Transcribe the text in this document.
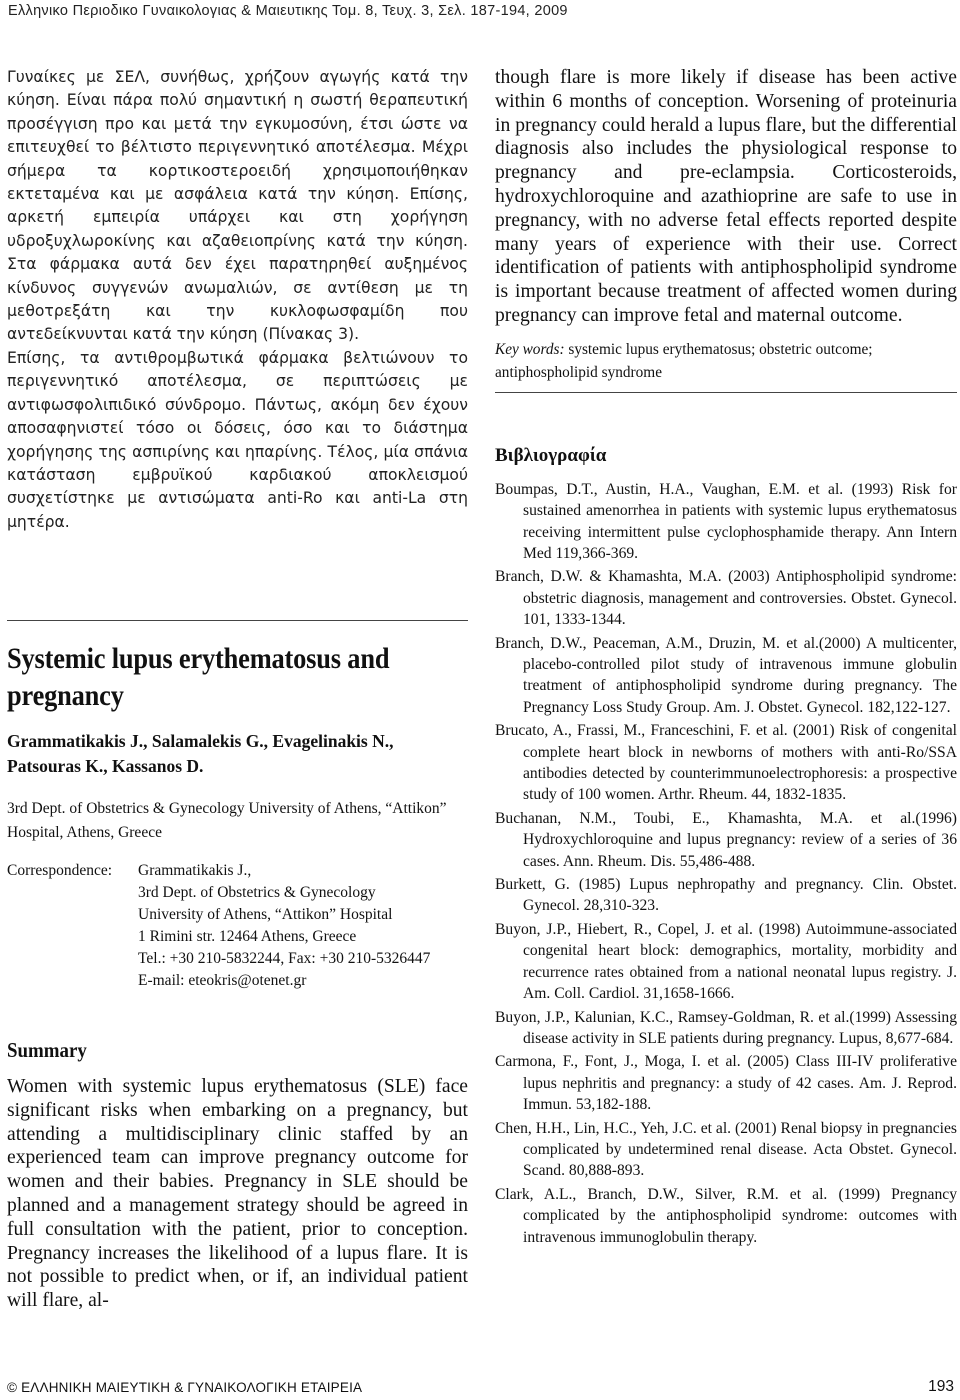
Ελληνικο Περιοδικο Γυναικολογιας & Μαιευτικης Τομ. 8, Τευχ. 3, Σελ. 187-194, 2009

Γυναίκες με ΣΕΛ, συνήθως, χρήζουν αγωγής κατά την κύηση. Είναι πάρα πολύ σημαντική η σωστή θεραπευτική προσέγγιση προ και μετά την εγκυμοσύνη, έτσι ώστε να επιτευχθεί το βέλτιστο περιγεννητικό αποτέλεσμα. Μέχρι σήμερα τα κορτικοστεροειδή χρησιμοποιήθηκαν εκτεταμένα και με ασφάλεια κατά την κύηση. Επίσης, αρκετή εμπειρία υπάρχει και στη χορήγηση υδροξυχλωροκίνης και αζαθειοπρίνης κατά την κύηση. Στα φάρμακα αυτά δεν έχει παρατηρηθεί αυξημένος κίνδυνος συγγενών ανωμαλιών, σε αντίθεση με τη μεθοτρεξάτη και την κυκλοφωσφαμίδη που αντεδείκνυνται κατά την κύηση (Πίνακας 3).

Επίσης, τα αντιθρομβωτικά φάρμακα βελτιώνουν το περιγεννητικό αποτέλεσμα, σε περιπτώσεις με αντιφωσφολιπιδικό σύνδρομο. Πάντως, ακόμη δεν έχουν αποσαφηνιστεί τόσο οι δόσεις, όσο και το διάστημα χορήγησης της ασπιρίνης και ηπαρίνης. Τέλος, μία σπάνια κατάσταση εμβρυϊκού καρδιακού αποκλεισμού συσχετίστηκε με αντισώματα anti-Ro και anti-La στη μητέρα.

Systemic lupus erythematosus and pregnancy
Grammatikakis J., Salamalekis G., Evagelinakis N., Patsouras K., Kassanos D.
3rd Dept. of Obstetrics & Gynecology University of Athens, “Attikon” Hospital, Athens, Greece
Correspondence: Grammatikakis J.,
3rd Dept. of Obstetrics & Gynecology
University of Athens, “Attikon” Hospital
1 Rimini str. 12464 Athens, Greece
Tel.: +30 210-5832244, Fax: +30 210-5326447
E-mail: eteokris@otenet.gr
Summary
Women with systemic lupus erythematosus (SLE) face significant risks when embarking on a pregnancy, but attending a multidisciplinary clinic staffed by an experienced team can improve pregnancy outcome for women and their babies. Pregnancy in SLE should be planned and a management strategy should be agreed in full consultation with the patient, prior to conception. Pregnancy increases the likelihood of a lupus flare. It is not possible to predict when, or if, an individual patient will flare, al-

though flare is more likely if disease has been active within 6 months of conception. Worsening of proteinuria in pregnancy could herald a lupus flare, but the differential diagnosis also includes the physiological response to pregnancy and pre-eclampsia. Corticosteroids, hydroxychloroquine and azathioprine are safe to use in pregnancy, with no adverse fetal effects reported despite many years of experience with their use. Correct identification of patients with antiphospholipid syndrome is important because treatment of affected women during pregnancy can improve fetal and maternal outcome.

Key words: systemic lupus erythematosus; obstetric outcome; antiphospholipid syndrome
Βιβλιογραφία

Boumpas, D.T., Austin, H.A., Vaughan, E.M. et al. (1993) Risk for sustained amenorrhea in patients with systemic lupus erythematosus receiving intermittent pulse cyclophosphamide therapy. Ann Intern Med 119,366-369.

Branch, D.W. & Khamashta, M.A. (2003) Antiphospholipid syndrome: obstetric diagnosis, management and controversies. Obstet. Gynecol. 101, 1333-1344.

Branch, D.W., Peaceman, A.M., Druzin, M. et al.(2000) A multicenter, placebo-controlled pilot study of intravenous immune globulin treatment of antiphospholipid syndrome during pregnancy. The Pregnancy Loss Study Group. Am. J. Obstet. Gynecol. 182,122-127.

Brucato, A., Frassi, M., Franceschini, F. et al. (2001) Risk of congenital complete heart block in newborns of mothers with anti-Ro/SSA antibodies detected by counterimmunoelectrophoresis: a prospective study of 100 women. Arthr. Rheum. 44, 1832-1835.

Buchanan, N.M., Toubi, E., Khamashta, M.A. et al.(1996) Hydroxychloroquine and lupus pregnancy: review of a series of 36 cases. Ann. Rheum. Dis. 55,486-488.

Burkett, G. (1985) Lupus nephropathy and pregnancy. Clin. Obstet. Gynecol. 28,310-323.

Buyon, J.P., Hiebert, R., Copel, J. et al. (1998) Autoimmune-associated congenital heart block: demographics, mortality, morbidity and recurrence rates obtained from a national neonatal lupus registry. J. Am. Coll. Cardiol. 31,1658-1666.

Buyon, J.P., Kalunian, K.C., Ramsey-Goldman, R. et al.(1999) Assessing disease activity in SLE patients during pregnancy. Lupus, 8,677-684.

Carmona, F., Font, J., Moga, I. et al. (2005) Class III-IV proliferative lupus nephritis and pregnancy: a study of 42 cases. Am. J. Reprod. Immun. 53,182-188.

Chen, H.H., Lin, H.C., Yeh, J.C. et al. (2001) Renal biopsy in pregnancies complicated by undetermined renal disease. Acta Obstet. Gynecol. Scand. 80,888-893.

Clark, A.L., Branch, D.W., Silver, R.M. et al. (1999) Pregnancy complicated by the antiphospholipid syndrome: outcomes with intravenous immunoglobulin therapy.

© ΕΛΛΗΝΙΚΗ ΜΑΙΕΥΤΙΚΗ & ΓΥΝΑΙΚΟΛΟΓΙΚΗ ΕΤΑΙΡΕΙΑ	193
